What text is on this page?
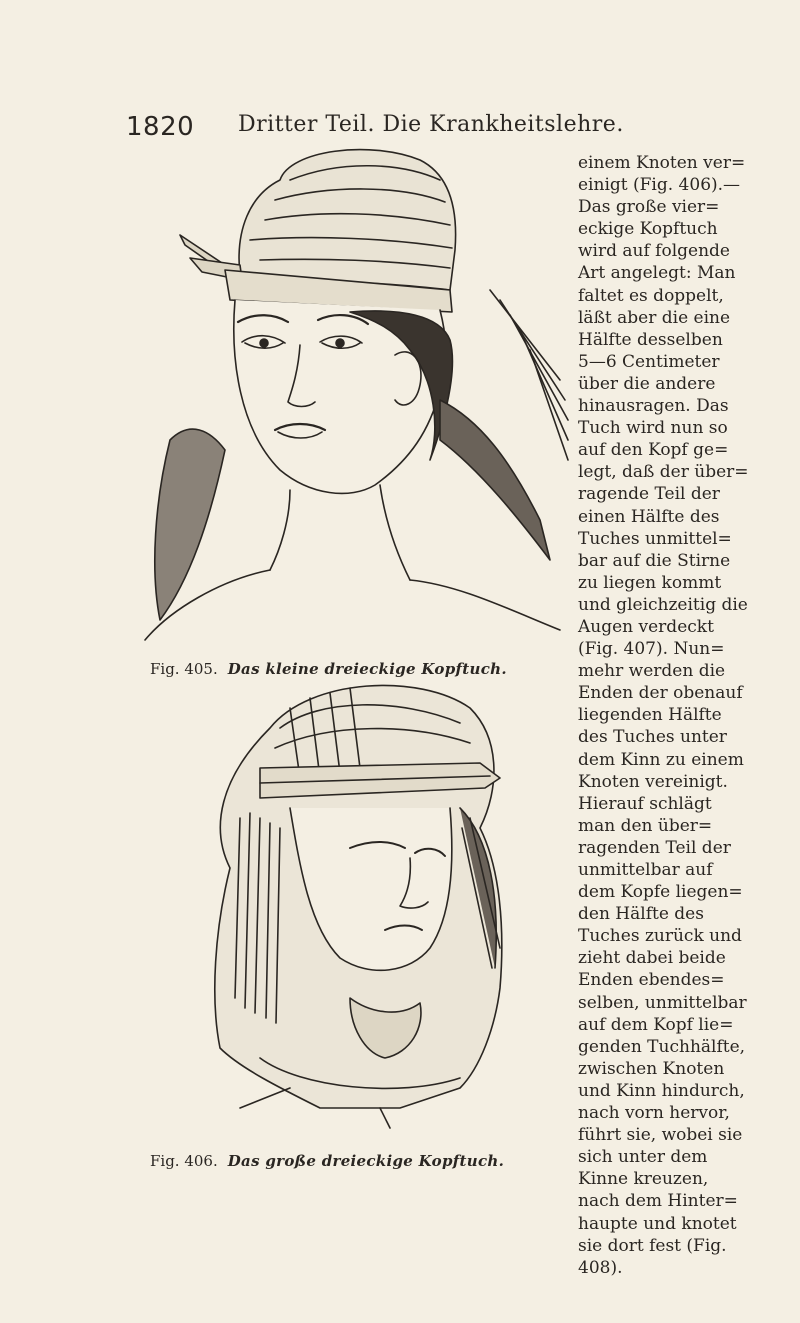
1820 Dritter Teil. Die Krankheitslehre.
Fig. 405. Das kleine dreieckige Kopftuch.
Fig. 406. Das große dreieckige Kopftuch.
einem Knoten ver=
einigt (Fig. 406).—
Das große vier=
eckige Kopftuch
wird auf folgende
Art angelegt: Man
faltet es doppelt,
läßt aber die eine
Hälfte desselben
5—6 Centimeter
über die andere
hinausragen. Das
Tuch wird nun so
auf den Kopf ge=
legt, daß der über=
ragende Teil der
einen Hälfte des
Tuches unmittel=
bar auf die Stirne
zu liegen kommt
und gleichzeitig die
Augen verdeckt
(Fig. 407). Nun=
mehr werden die
Enden der obenauf
liegenden Hälfte
des Tuches unter
dem Kinn zu einem
Knoten vereinigt.
Hierauf schlägt
man den über=
ragenden Teil der
unmittelbar auf
dem Kopfe liegen=
den Hälfte des
Tuches zurück und
zieht dabei beide
Enden ebendes=
selben, unmittelbar
auf dem Kopf lie=
genden Tuchhälfte,
zwischen Knoten
und Kinn hindurch,
nach vorn hervor,
führt sie, wobei sie
sich unter dem
Kinne kreuzen,
nach dem Hinter=
haupte und knotet
sie dort fest (Fig.
408).
